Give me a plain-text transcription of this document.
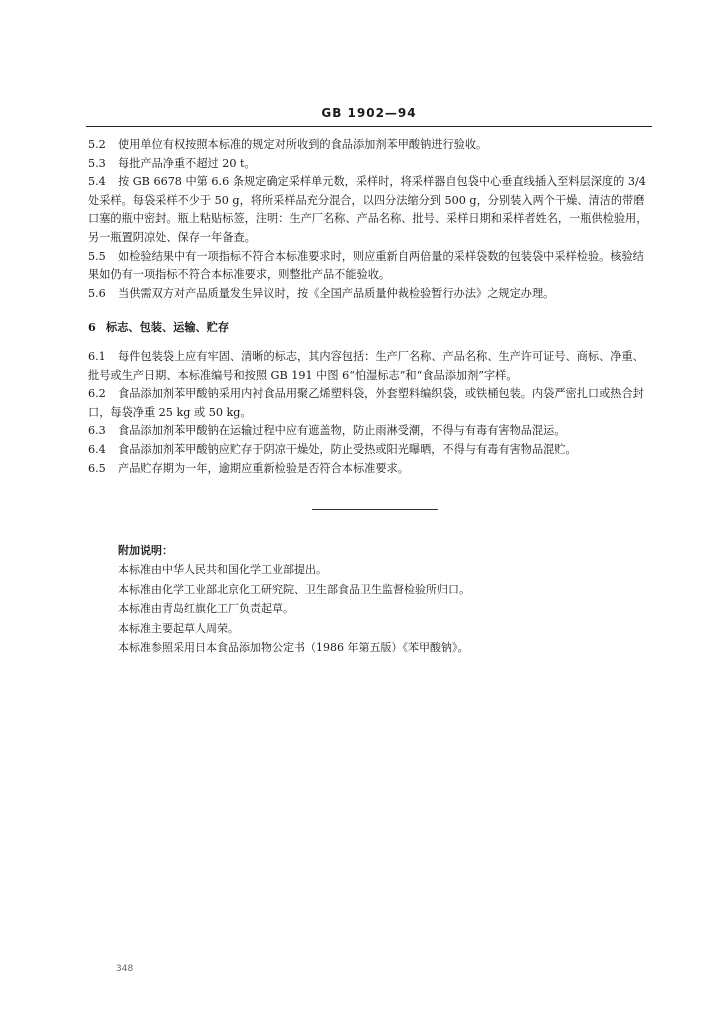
GB 1902—94

5.2 使用单位有权按照本标准的规定对所收到的食品添加剂苯甲酸钠进行验收。

5.3 每批产品净重不超过 20 t。

5.4 按 GB 6678 中第 6.6 条规定确定采样单元数，采样时，将采样器自包袋中心垂直线插入至料层深度的 3/4 处采样。每袋采样不少于 50 g，将所采样品充分混合，以四分法缩分到 500 g，分别装入两个干燥、清洁的带磨口塞的瓶中密封。瓶上粘贴标签，注明：生产厂名称、产品名称、批号、采样日期和采样者姓名，一瓶供检验用，另一瓶置阴凉处、保存一年备查。

5.5 如检验结果中有一项指标不符合本标准要求时，则应重新自两倍量的采样袋数的包装袋中采样检验。核验结果如仍有一项指标不符合本标准要求，则整批产品不能验收。

5.6 当供需双方对产品质量发生异议时，按《全国产品质量仲裁检验暂行办法》之规定办理。

6 标志、包装、运输、贮存

6.1 每件包装袋上应有牢固、清晰的标志，其内容包括：生产厂名称、产品名称、生产许可证号、商标、净重、批号或生产日期、本标准编号和按照 GB 191 中图 6“怕湿标志”和“食品添加剂”字样。

6.2 食品添加剂苯甲酸钠采用内衬食品用聚乙烯塑料袋，外套塑料编织袋，或铁桶包装。内袋严密扎口或热合封口，每袋净重 25 kg 或 50 kg。

6.3 食品添加剂苯甲酸钠在运输过程中应有遮盖物，防止雨淋受潮，不得与有毒有害物品混运。

6.4 食品添加剂苯甲酸钠应贮存于阴凉干燥处，防止受热或阳光曝晒，不得与有毒有害物品混贮。

6.5 产品贮存期为一年，逾期应重新检验是否符合本标准要求。

附加说明：
本标准由中华人民共和国化学工业部提出。
本标准由化学工业部北京化工研究院、卫生部食品卫生监督检验所归口。
本标准由青岛红旗化工厂负责起草。
本标准主要起草人周荣。
本标准参照采用日本食品添加物公定书（1986 年第五版）《苯甲酸钠》。
348
